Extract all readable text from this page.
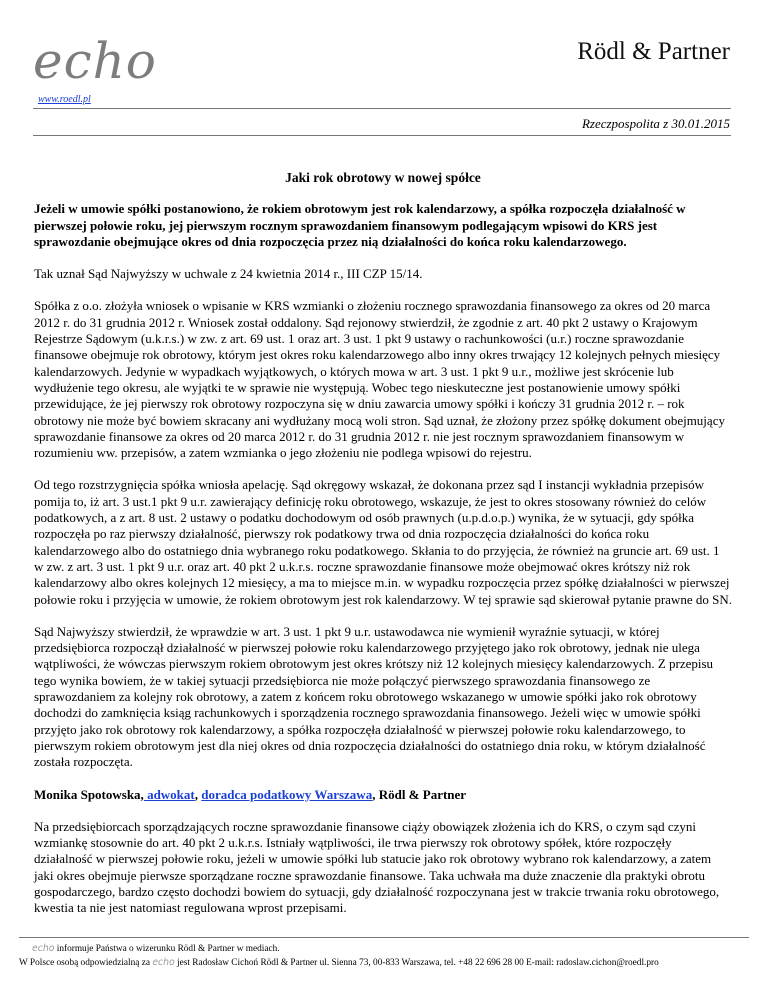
echo	Rödl & Partner
www.roedl.pl
Rzeczpospolita z 30.01.2015
Jaki rok obrotowy w nowej spółce

Jeżeli w umowie spółki postanowiono, że rokiem obrotowym jest rok kalendarzowy, a spółka rozpoczęła działalność w pierwszej połowie roku, jej pierwszym rocznym sprawozdaniem finansowym podlegającym wpisowi do KRS jest sprawozdanie obejmujące okres od dnia rozpoczęcia przez nią działalności do końca roku kalendarzowego.

Tak uznał Sąd Najwyższy w uchwale z 24 kwietnia 2014 r., III CZP 15/14.

Spółka z o.o. złożyła wniosek o wpisanie w KRS wzmianki o złożeniu rocznego sprawozdania finansowego za okres od 20 marca 2012 r. do 31 grudnia 2012 r. Wniosek został oddalony. Sąd rejonowy stwierdził, że zgodnie z art. 40 pkt 2 ustawy o Krajowym Rejestrze Sądowym (u.k.r.s.) w zw. z art. 69 ust. 1 oraz art. 3 ust. 1 pkt 9 ustawy o rachunkowości (u.r.) roczne sprawozdanie finansowe obejmuje rok obrotowy, którym jest okres roku kalendarzowego albo inny okres trwający 12 kolejnych pełnych miesięcy kalendarzowych. Jedynie w wypadkach wyjątkowych, o których mowa w art. 3 ust. 1 pkt 9 u.r., możliwe jest skrócenie lub wydłużenie tego okresu, ale wyjątki te w sprawie nie występują. Wobec tego nieskuteczne jest postanowienie umowy spółki przewidujące, że jej pierwszy rok obrotowy rozpoczyna się w dniu zawarcia umowy spółki i kończy 31 grudnia 2012 r. – rok obrotowy nie może być bowiem skracany ani wydłużany mocą woli stron. Sąd uznał, że złożony przez spółkę dokument obejmujący sprawozdanie finansowe za okres od 20 marca 2012 r. do 31 grudnia 2012 r. nie jest rocznym sprawozdaniem finansowym w rozumieniu ww. przepisów, a zatem wzmianka o jego złożeniu nie podlega wpisowi do rejestru.

Od tego rozstrzygnięcia spółka wniosła apelację. Sąd okręgowy wskazał, że dokonana przez sąd I instancji wykładnia przepisów pomija to, iż art. 3 ust.1 pkt 9 u.r. zawierający definicję roku obrotowego, wskazuje, że jest to okres stosowany również do celów podatkowych, a z art. 8 ust. 2 ustawy o podatku dochodowym od osób prawnych (u.p.d.o.p.) wynika, że w sytuacji, gdy spółka rozpoczęła po raz pierwszy działalność, pierwszy rok podatkowy trwa od dnia rozpoczęcia działalności do końca roku kalendarzowego albo do ostatniego dnia wybranego roku podatkowego. Skłania to do przyjęcia, że również na gruncie art. 69 ust. 1 w zw. z art. 3 ust. 1 pkt 9 u.r. oraz art. 40 pkt 2 u.k.r.s. roczne sprawozdanie finansowe może obejmować okres krótszy niż rok kalendarzowy albo okres kolejnych 12 miesięcy, a ma to miejsce m.in. w wypadku rozpoczęcia przez spółkę działalności w pierwszej połowie roku i przyjęcia w umowie, że rokiem obrotowym jest rok kalendarzowy. W tej sprawie sąd skierował pytanie prawne do SN.

Sąd Najwyższy stwierdził, że wprawdzie w art. 3 ust. 1 pkt 9 u.r. ustawodawca nie wymienił wyraźnie sytuacji, w której przedsiębiorca rozpoczął działalność w pierwszej połowie roku kalendarzowego przyjętego jako rok obrotowy, jednak nie ulega wątpliwości, że wówczas pierwszym rokiem obrotowym jest okres krótszy niż 12 kolejnych miesięcy kalendarzowych. Z przepisu tego wynika bowiem, że w takiej sytuacji przedsiębiorca nie może połączyć pierwszego sprawozdania finansowego ze sprawozdaniem za kolejny rok obrotowy, a zatem z końcem roku obrotowego wskazanego w umowie spółki jako rok obrotowy dochodzi do zamknięcia ksiąg rachunkowych i sporządzenia rocznego sprawozdania finansowego. Jeżeli więc w umowie spółki przyjęto jako rok obrotowy rok kalendarzowy, a spółka rozpoczęła działalność w pierwszej połowie roku kalendarzowego, to pierwszym rokiem obrotowym jest dla niej okres od dnia rozpoczęcia działalności do ostatniego dnia roku, w którym działalność została rozpoczęta.

Monika Spotowska, adwokat, doradca podatkowy Warszawa, Rödl & Partner

Na przedsiębiorcach sporządzających roczne sprawozdanie finansowe ciąży obowiązek złożenia ich do KRS, o czym sąd czyni wzmiankę stosownie do art. 40 pkt 2 u.k.r.s. Istniały wątpliwości, ile trwa pierwszy rok obrotowy spółek, które rozpoczęły działalność w pierwszej połowie roku, jeżeli w umowie spółki lub statucie jako rok obrotowy wybrano rok kalendarzowy, a zatem jaki okres obejmuje pierwsze sporządzane roczne sprawozdanie finansowe. Taka uchwała ma duże znaczenie dla praktyki obrotu gospodarczego, bardzo często dochodzi bowiem do sytuacji, gdy działalność rozpoczynana jest w trakcie trwania roku obrotowego, kwestia ta nie jest natomiast regulowana wprost przepisami.

echo informuje Państwa o wizerunku Rödl & Partner w mediach.
W Polsce osobą odpowiedzialną za echo jest Radosław Cichoń Rödl & Partner ul. Sienna 73, 00-833 Warszawa, tel. +48 22 696 28 00 E-mail: radoslaw.cichon@roedl.pro
